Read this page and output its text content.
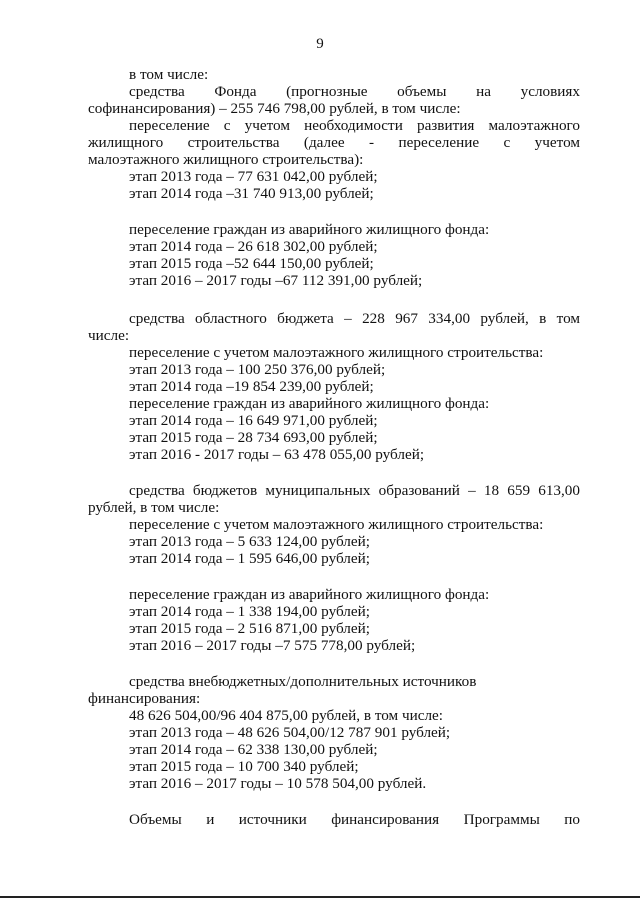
9
в том числе:
средства Фонда (прогнозные объемы на условиях
софинансирования) – 255 746 798,00 рублей, в том числе:
переселение с учетом необходимости развития малоэтажного
жилищного строительства (далее - переселение с учетом
малоэтажного жилищного строительства):
этап 2013 года – 77 631 042,00 рублей;
этап 2014 года –31 740 913,00 рублей;
переселение граждан из аварийного жилищного фонда:
этап 2014 года – 26 618 302,00 рублей;
этап 2015 года –52 644 150,00 рублей;
этап 2016 – 2017 годы –67 112 391,00 рублей;
средства областного бюджета – 228 967 334,00 рублей, в том
числе:
переселение с учетом малоэтажного жилищного строительства:
этап 2013 года – 100 250 376,00 рублей;
этап 2014 года –19 854 239,00 рублей;
переселение граждан из аварийного жилищного фонда:
этап 2014 года – 16 649 971,00 рублей;
этап 2015 года – 28 734 693,00 рублей;
этап 2016 - 2017 годы – 63 478 055,00 рублей;
средства бюджетов муниципальных образований – 18 659 613,00
рублей, в том числе:
переселение с учетом малоэтажного жилищного строительства:
этап 2013 года – 5 633 124,00 рублей;
этап 2014 года – 1 595 646,00 рублей;
переселение граждан из аварийного жилищного фонда:
этап 2014 года – 1 338 194,00 рублей;
этап 2015 года – 2 516 871,00 рублей;
этап 2016 – 2017 годы –7 575 778,00 рублей;
средства внебюджетных/дополнительных источников
финансирования:
48 626 504,00/96 404 875,00 рублей, в том числе:
этап 2013 года – 48 626 504,00/12 787 901 рублей;
этап 2014 года – 62 338 130,00 рублей;
этап 2015 года – 10 700 340 рублей;
этап 2016 – 2017 годы – 10 578 504,00 рублей.
Объемы и источники финансирования Программы по
